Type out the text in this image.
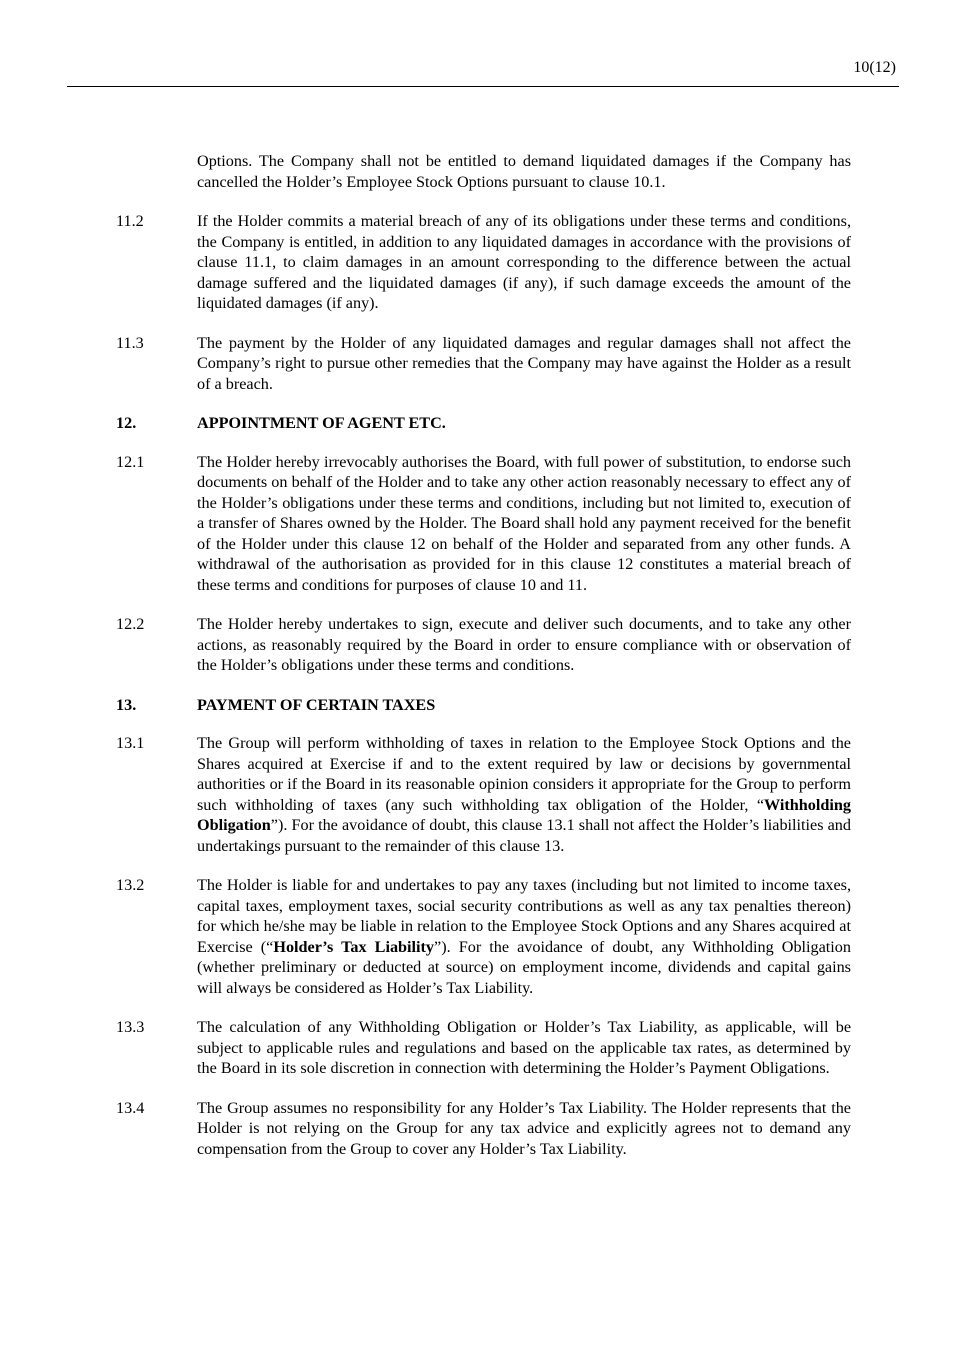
10(12)
Options. The Company shall not be entitled to demand liquidated damages if the Company has cancelled the Holder’s Employee Stock Options pursuant to clause 10.1.
11.2	If the Holder commits a material breach of any of its obligations under these terms and conditions, the Company is entitled, in addition to any liquidated damages in accordance with the provisions of clause 11.1, to claim damages in an amount corresponding to the difference between the actual damage suffered and the liquidated damages (if any), if such damage exceeds the amount of the liquidated damages (if any).
11.3	The payment by the Holder of any liquidated damages and regular damages shall not affect the Company’s right to pursue other remedies that the Company may have against the Holder as a result of a breach.
12.	APPOINTMENT OF AGENT ETC.
12.1	The Holder hereby irrevocably authorises the Board, with full power of substitution, to endorse such documents on behalf of the Holder and to take any other action reasonably necessary to effect any of the Holder’s obligations under these terms and conditions, including but not limited to, execution of a transfer of Shares owned by the Holder. The Board shall hold any payment received for the benefit of the Holder under this clause 12 on behalf of the Holder and separated from any other funds. A withdrawal of the authorisation as provided for in this clause 12 constitutes a material breach of these terms and conditions for purposes of clause 10 and 11.
12.2	The Holder hereby undertakes to sign, execute and deliver such documents, and to take any other actions, as reasonably required by the Board in order to ensure compliance with or observation of the Holder’s obligations under these terms and conditions.
13.	PAYMENT OF CERTAIN TAXES
13.1	The Group will perform withholding of taxes in relation to the Employee Stock Options and the Shares acquired at Exercise if and to the extent required by law or decisions by governmental authorities or if the Board in its reasonable opinion considers it appropriate for the Group to perform such withholding of taxes (any such withholding tax obligation of the Holder, “Withholding Obligation”). For the avoidance of doubt, this clause 13.1 shall not affect the Holder’s liabilities and undertakings pursuant to the remainder of this clause 13.
13.2	The Holder is liable for and undertakes to pay any taxes (including but not limited to income taxes, capital taxes, employment taxes, social security contributions as well as any tax penalties thereon) for which he/she may be liable in relation to the Employee Stock Options and any Shares acquired at Exercise (“Holder’s Tax Liability”). For the avoidance of doubt, any Withholding Obligation (whether preliminary or deducted at source) on employment income, dividends and capital gains will always be considered as Holder’s Tax Liability.
13.3	The calculation of any Withholding Obligation or Holder’s Tax Liability, as applicable, will be subject to applicable rules and regulations and based on the applicable tax rates, as determined by the Board in its sole discretion in connection with determining the Holder’s Payment Obligations.
13.4	The Group assumes no responsibility for any Holder’s Tax Liability. The Holder represents that the Holder is not relying on the Group for any tax advice and explicitly agrees not to demand any compensation from the Group to cover any Holder’s Tax Liability.
